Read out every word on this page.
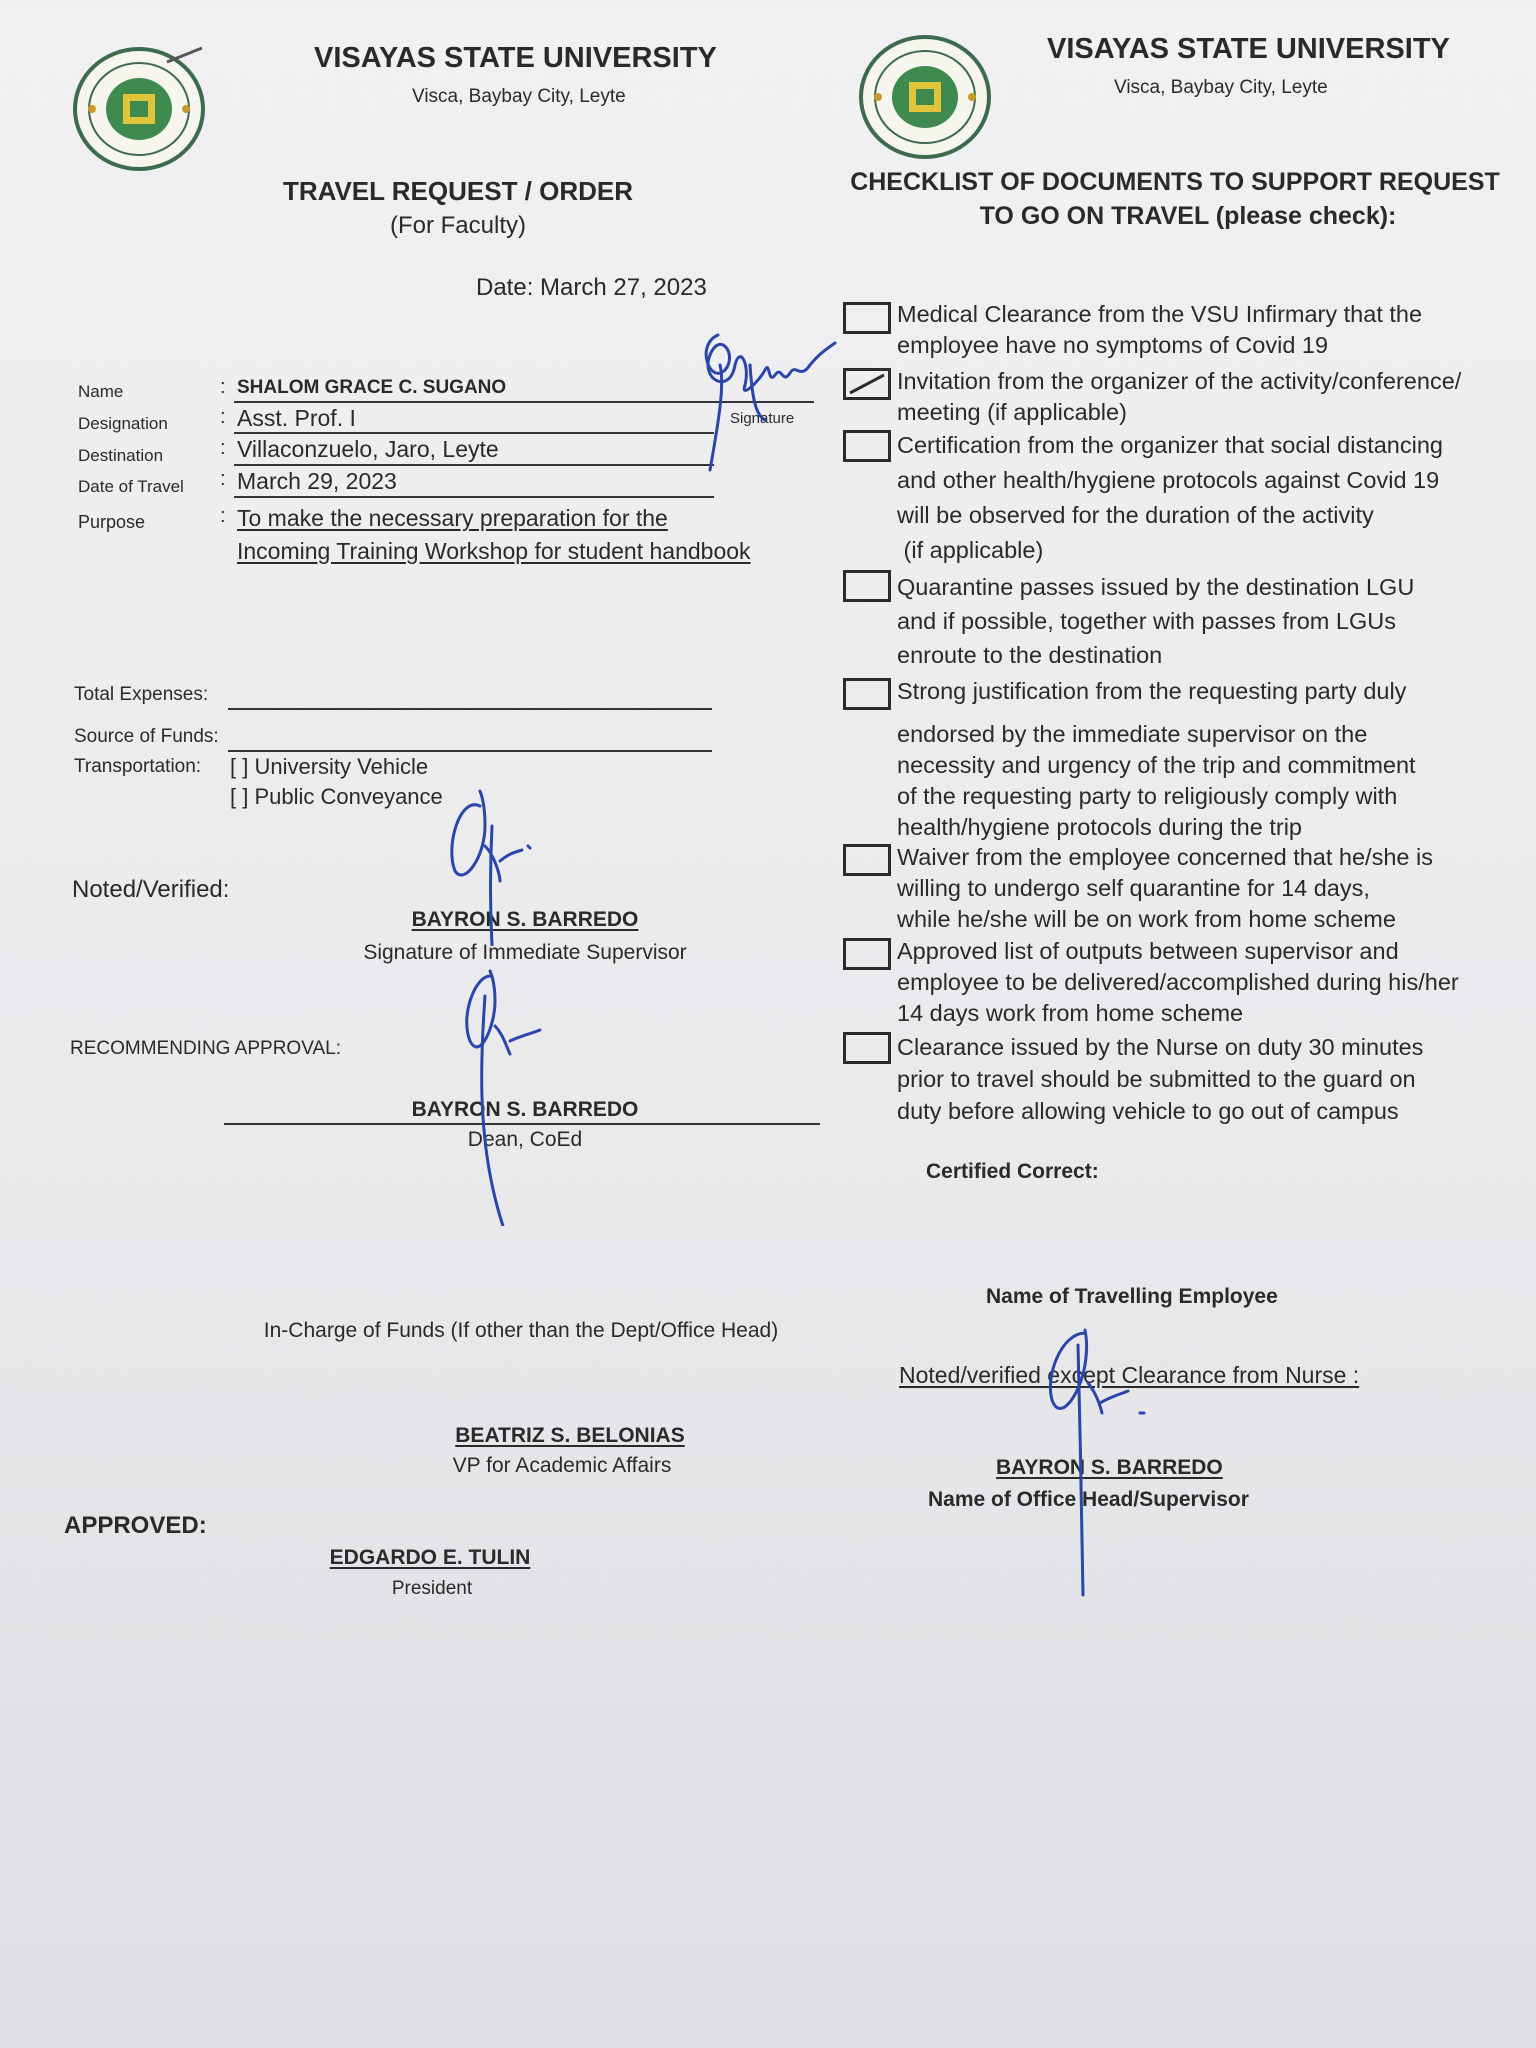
VISAYAS STATE UNIVERSITY
Visca, Baybay City, Leyte
VISAYAS STATE UNIVERSITY
Visca, Baybay City, Leyte
TRAVEL REQUEST / ORDER
(For Faculty)
Date: March 27, 2023
Name	: SHALOM GRACE C. SUGANO
Designation	: Asst. Prof. I	Signature
Destination	: Villaconzuelo, Jaro, Leyte
Date of Travel : March 29, 2023
Purpose	: To make the necessary preparation for the
Incoming Training Workshop for student handbook
Total Expenses:
Source of Funds:
Transportation: [ ] University Vehicle
[ ] Public Conveyance
Noted/Verified:
BAYRON S. BARREDO
Signature of Immediate Supervisor
RECOMMENDING APPROVAL:
BAYRON S. BARREDO
Dean, CoEd
In-Charge of Funds (If other than the Dept/Office Head)
BEATRIZ S. BELONIAS
VP for Academic Affairs
APPROVED:
EDGARDO E. TULIN
President
CHECKLIST OF DOCUMENTS TO SUPPORT REQUEST
TO GO ON TRAVEL (please check):
Medical Clearance from the VSU Infirmary that the
employee have no symptoms of Covid 19
Invitation from the organizer of the activity/conference/
meeting (if applicable)
Certification from the organizer that social distancing
and other health/hygiene protocols against Covid 19
will be observed for the duration of the activity
(if applicable)
Quarantine passes issued by the destination LGU
and if possible, together with passes from LGUs
enroute to the destination
Strong justification from the requesting party duly
endorsed by the immediate supervisor on the
necessity and urgency of the trip and commitment
of the requesting party to religiously comply with
health/hygiene protocols during the trip
Waiver from the employee concerned that he/she is
willing to undergo self quarantine for 14 days,
while he/she will be on work from home scheme
Approved list of outputs between supervisor and
employee to be delivered/accomplished during his/her
14 days work from home scheme
Clearance issued by the Nurse on duty 30 minutes
prior to travel should be submitted to the guard on
duty before allowing vehicle to go out of campus
Certified Correct:
Name of Travelling Employee
Noted/verified except Clearance from Nurse :
BAYRON S. BARREDO
Name of Office Head/Supervisor
